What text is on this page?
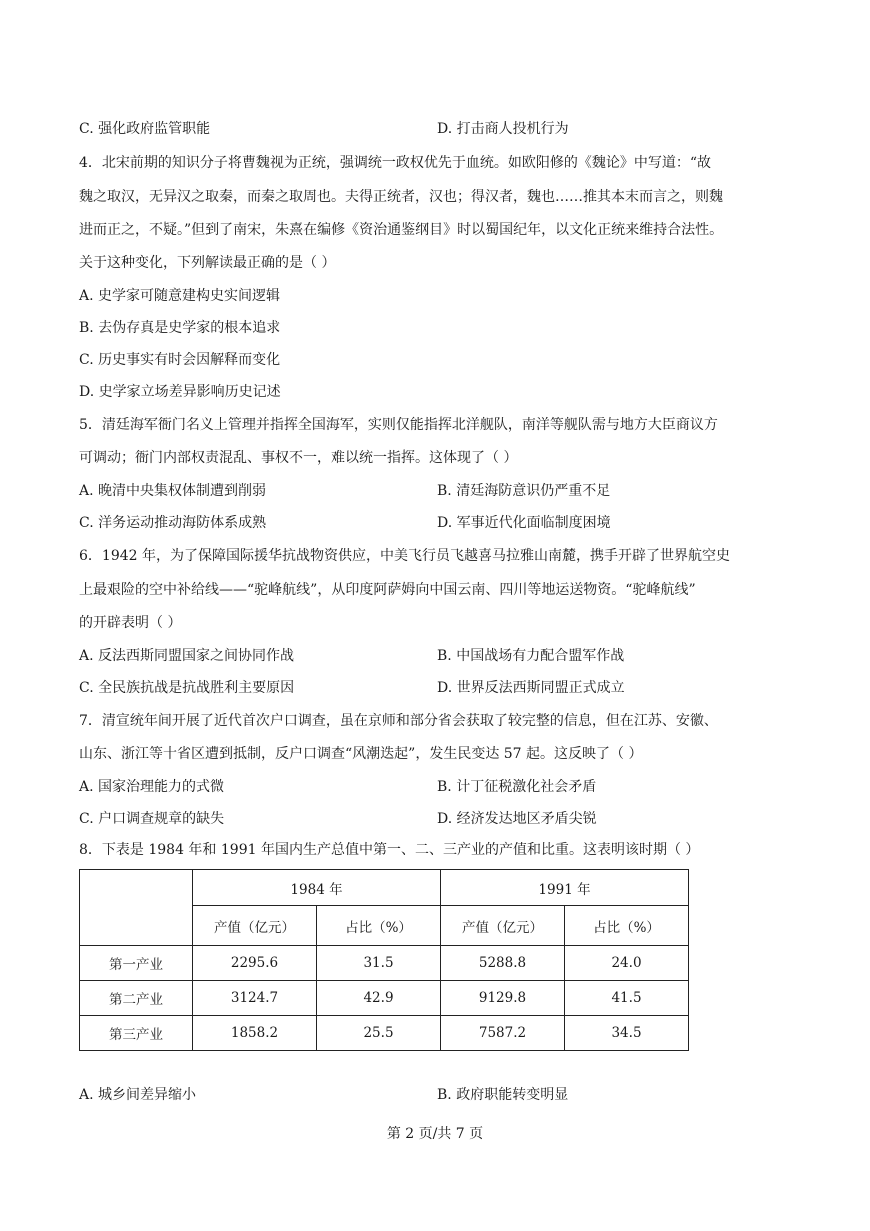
C. 强化政府监管职能	D. 打击商人投机行为
4．北宋前期的知识分子将曹魏视为正统，强调统一政权优先于血统。如欧阳修的《魏论》中写道：“故
魏之取汉，无异汉之取秦，而秦之取周也。夫得正统者，汉也；得汉者，魏也……推其本末而言之，则魏
进而正之，不疑。”但到了南宋，朱熹在编修《资治通鉴纲目》时以蜀国纪年，以文化正统来维持合法性。
关于这种变化，下列解读最正确的是（ ）
A. 史学家可随意建构史实间逻辑
B. 去伪存真是史学家的根本追求
C. 历史事实有时会因解释而变化
D. 史学家立场差异影响历史记述
5．清廷海军衙门名义上管理并指挥全国海军，实则仅能指挥北洋舰队，南洋等舰队需与地方大臣商议方
可调动；衙门内部权责混乱、事权不一，难以统一指挥。这体现了（ ）
A. 晚清中央集权体制遭到削弱	B. 清廷海防意识仍严重不足
C. 洋务运动推动海防体系成熟	D. 军事近代化面临制度困境
6．1942 年，为了保障国际援华抗战物资供应，中美飞行员飞越喜马拉雅山南麓，携手开辟了世界航空史
上最艰险的空中补给线——“驼峰航线”，从印度阿萨姆向中国云南、四川等地运送物资。“驼峰航线”
的开辟表明（ ）
A. 反法西斯同盟国家之间协同作战	B. 中国战场有力配合盟军作战
C. 全民族抗战是抗战胜利主要原因	D. 世界反法西斯同盟正式成立
7．清宣统年间开展了近代首次户口调查，虽在京师和部分省会获取了较完整的信息，但在江苏、安徽、
山东、浙江等十省区遭到抵制，反户口调查“风潮迭起”，发生民变达 57 起。这反映了（ ）
A. 国家治理能力的式微	B. 计丁征税激化社会矛盾
C. 户口调查规章的缺失	D. 经济发达地区矛盾尖锐
8．下表是 1984 年和 1991 年国内生产总值中第一、二、三产业的产值和比重。这表明该时期（ ）
	1984 年		1991 年	
	产值（亿元）	占比（%）	产值（亿元）	占比（%）
第一产业	2295.6	31.5	5288.8	24.0
第二产业	3124.7	42.9	9129.8	41.5
第三产业	1858.2	25.5	7587.2	34.5
A. 城乡间差异缩小	B. 政府职能转变明显
第 2 页/共 7 页
